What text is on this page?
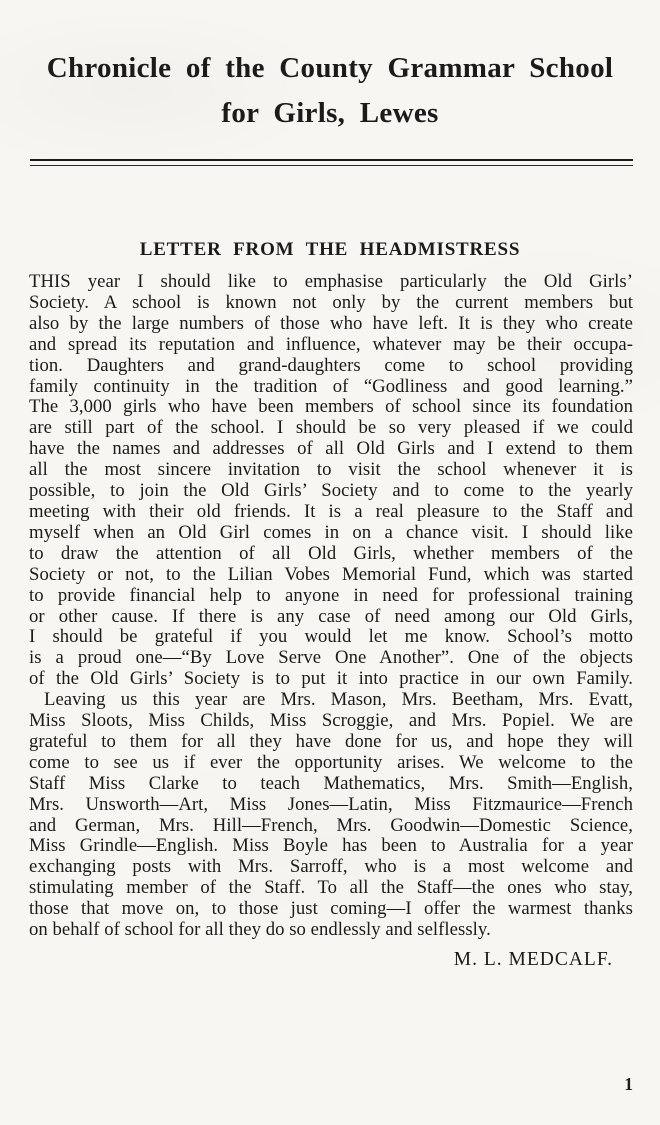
Chronicle of the County Grammar School
for Girls, Lewes
LETTER FROM THE HEADMISTRESS
THIS year I should like to emphasise particularly the Old Girls’
Society. A school is known not only by the current members but
also by the large numbers of those who have left. It is they who create
and spread its reputation and influence, whatever may be their occupa-
tion. Daughters and grand-daughters come to school providing
family continuity in the tradition of “Godliness and good learning.”
The 3,000 girls who have been members of school since its foundation
are still part of the school. I should be so very pleased if we could
have the names and addresses of all Old Girls and I extend to them
all the most sincere invitation to visit the school whenever it is
possible, to join the Old Girls’ Society and to come to the yearly
meeting with their old friends. It is a real pleasure to the Staff and
myself when an Old Girl comes in on a chance visit. I should like
to draw the attention of all Old Girls, whether members of the
Society or not, to the Lilian Vobes Memorial Fund, which was started
to provide financial help to anyone in need for professional training
or other cause. If there is any case of need among our Old Girls,
I should be grateful if you would let me know. School’s motto
is a proud one—“By Love Serve One Another”. One of the objects
of the Old Girls’ Society is to put it into practice in our own Family.
Leaving us this year are Mrs. Mason, Mrs. Beetham, Mrs. Evatt,
Miss Sloots, Miss Childs, Miss Scroggie, and Mrs. Popiel. We are
grateful to them for all they have done for us, and hope they will
come to see us if ever the opportunity arises. We welcome to the
Staff Miss Clarke to teach Mathematics, Mrs. Smith—English,
Mrs. Unsworth—Art, Miss Jones—Latin, Miss Fitzmaurice—French
and German, Mrs. Hill—French, Mrs. Goodwin—Domestic Science,
Miss Grindle—English. Miss Boyle has been to Australia for a year
exchanging posts with Mrs. Sarroff, who is a most welcome and
stimulating member of the Staff. To all the Staff—the ones who stay,
those that move on, to those just coming—I offer the warmest thanks
on behalf of school for all they do so endlessly and selflessly.
M. L. MEDCALF.
1
